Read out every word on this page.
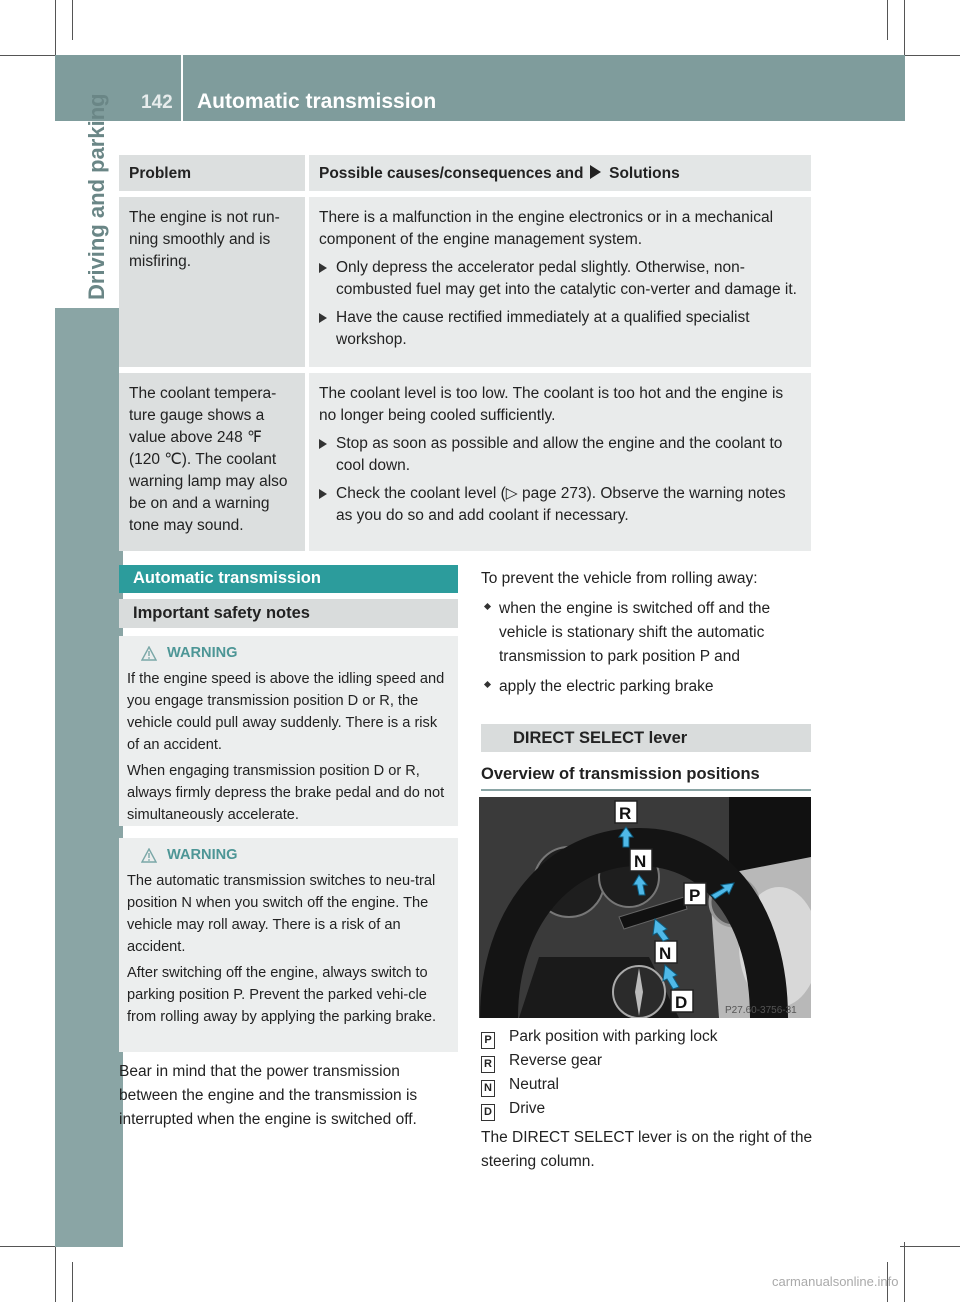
142 Automatic transmission
Driving and parking Problem		Possible causes/consequences and Solutions

The engine is not run-ning smoothly and is misfiring.		There is a malfunction in the engine electronics or in a mechanical component of the engine management system.
Only depress the accelerator pedal slightly. Otherwise, non-combusted fuel may get into the catalytic con-verter and damage it.
Have the cause rectified immediately at a qualified specialist workshop.

The coolant tempera-ture gauge shows a value above 248 ℉ (120 ℃). The coolant warning lamp may also be on and a warning tone may sound.		The coolant level is too low. The coolant is too hot and the engine is no longer being cooled sufficiently.
Stop as soon as possible and allow the engine and the coolant to cool down.
Check the coolant level (▷ page 273). Observe the warning notes as you do so and add coolant if necessary.
Automatic transmission
Important safety notes
WARNING

If the engine speed is above the idling speed and you engage transmission position D or R, the vehicle could pull away suddenly. There is a risk of an accident.

When engaging transmission position D or R, always firmly depress the brake pedal and do not simultaneously accelerate.

WARNING

The automatic transmission switches to neu-tral position N when you switch off the engine. The vehicle may roll away. There is a risk of an accident.

After switching off the engine, always switch to parking position P. Prevent the parked vehi-cle from rolling away by applying the parking brake.

Bear in mind that the power transmission between the engine and the transmission is interrupted when the engine is switched off.
To prevent the vehicle from rolling away:
when the engine is switched off and the vehicle is stationary shift the automatic transmission to park position P and
apply the electric parking brake
DIRECT SELECT lever
Overview of transmission positions
R
N
P
N
D	P27.60-3756-31
P Park position with parking lock
R Reverse gear
N Neutral
D Drive
The DIRECT SELECT lever is on the right of the steering column.
carmanualsonline.info
